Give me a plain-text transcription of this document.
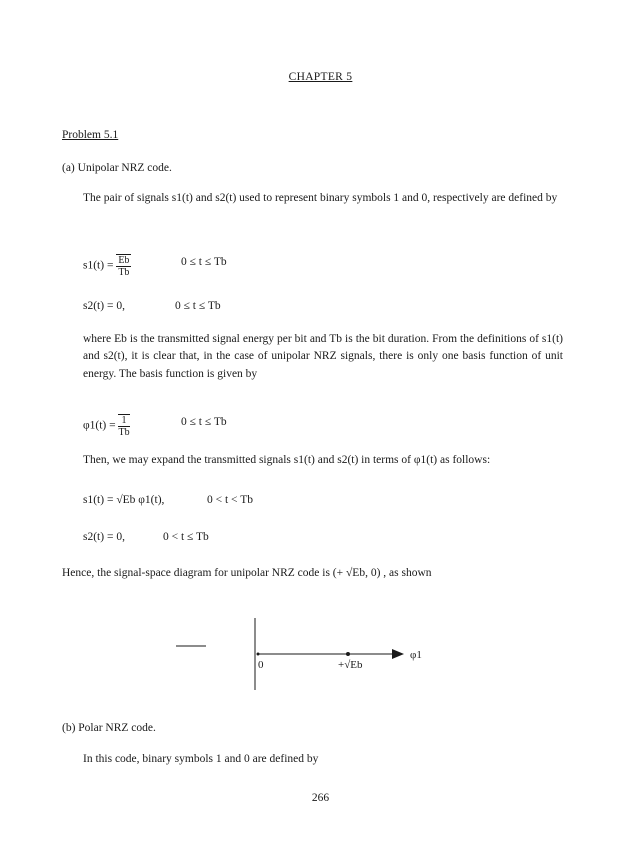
CHAPTER 5
Problem 5.1
(a) Unipolar NRZ code.
The pair of signals s1(t) and s2(t) used to represent binary symbols 1 and 0, respectively are defined by
$s1(t) = \frac{Eb}{Tb}$	0 ≤ t ≤ Tb
s2(t) = 0,	0 ≤ t ≤ Tb
where Eb is the transmitted signal energy per bit and Tb is the bit duration. From the definitions of s1(t) and s2(t), it is clear that, in the case of unipolar NRZ signals, there is only one basis function of unit energy. The basis function is given by
$\varphi 1(t) = \frac{1}{Tb}$	0 ≤ t ≤ Tb
Then, we may expand the transmitted signals s1(t) and s2(t) in terms of φ1(t) as follows:
s1(t) = √Eb φ1(t),	0 < t < Tb
s2(t) = 0,	0 < t ≤ Tb
Hence, the signal-space diagram for unipolar NRZ code is (+ √Eb, 0) , as shown
0	+√Eb
φ1
(b) Polar NRZ code.
In this code, binary symbols 1 and 0 are defined by
266
